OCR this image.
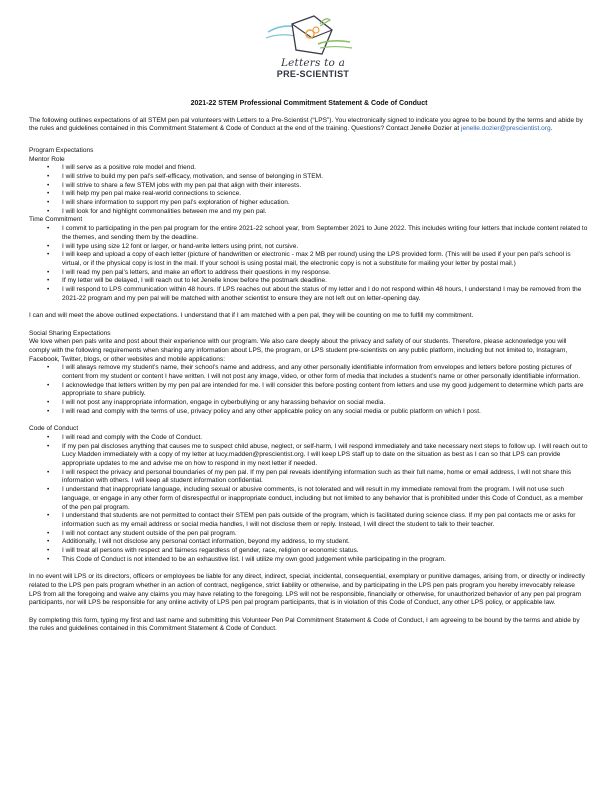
Letters to a
PRE-SCIENTIST
2021-22 STEM Professional Commitment Statement & Code of Conduct

The following outlines expectations of all STEM pen pal volunteers with Letters to a Pre-Scientist (“LPS”). You electronically signed to indicate you agree to be bound by the terms and abide by the rules and guidelines contained in this Commitment Statement & Code of Conduct at the end of the training. Questions? Contact Jenelle Dozier at jenelle.dozier@prescientist.org.

Program Expectations

Mentor Role

• I will serve as a positive role model and friend.
• I will strive to build my pen pal’s self-efficacy, motivation, and sense of belonging in STEM.
• I will strive to share a few STEM jobs with my pen pal that align with their interests.
• I will help my pen pal make real-world connections to science.
• I will share information to support my pen pal’s exploration of higher education.
• I will look for and highlight commonalities between me and my pen pal.

Time Commitment

• I commit to participating in the pen pal program for the entire 2021-22 school year, from September 2021 to June 2022. This includes writing four letters that include content related to the themes, and sending them by the deadline.
• I will type using size 12 font or larger, or hand-write letters using print, not cursive.
• I will keep and upload a copy of each letter (picture of handwritten or electronic - max 2 MB per round) using the LPS provided form. (This will be used if your pen pal’s school is virtual, or if the physical copy is lost in the mail. If your school is using postal mail, the electronic copy is not a substitute for mailing your letter by postal mail.)
• I will read my pen pal’s letters, and make an effort to address their questions in my response.
• If my letter will be delayed, I will reach out to let Jenelle know before the postmark deadline.
• I will respond to LPS communication within 48 hours. If LPS reaches out about the status of my letter and I do not respond within 48 hours, I understand I may be removed from the 2021-22 program and my pen pal will be matched with another scientist to ensure they are not left out on letter-opening day.

I can and will meet the above outlined expectations. I understand that if I am matched with a pen pal, they will be counting on me to fulfill my commitment.

Social Sharing Expectations

We love when pen pals write and post about their experience with our program. We also care deeply about the privacy and safety of our students. Therefore, please acknowledge you will comply with the following requirements when sharing any information about LPS, the program, or LPS student pre-scientists on any public platform, including but not limited to, Instagram, Facebook, Twitter, blogs, or other websites and mobile applications:

• I will always remove my student’s name, their school’s name and address, and any other personally identifiable information from envelopes and letters before posting pictures of content from my student or content I have written. I will not post any image, video, or other form of media that includes a student’s name or other personally identifiable information.
• I acknowledge that letters written by my pen pal are intended for me. I will consider this before posting content from letters and use my good judgement to determine which parts are appropriate to share publicly.
• I will not post any inappropriate information, engage in cyberbullying or any harassing behavior on social media.
• I will read and comply with the terms of use, privacy policy and any other applicable policy on any social media or public platform on which I post.

Code of Conduct

• I will read and comply with the Code of Conduct.
• If my pen pal discloses anything that causes me to suspect child abuse, neglect, or self-harm, I will respond immediately and take necessary next steps to follow up. I will reach out to Lucy Madden immediately with a copy of my letter at lucy.madden@prescientist.org. I will keep LPS staff up to date on the situation as best as I can so that LPS can provide appropriate updates to me and advise me on how to respond in my next letter if needed.
• I will respect the privacy and personal boundaries of my pen pal. If my pen pal reveals identifying information such as their full name, home or email address, I will not share this information with others. I will keep all student information confidential.
• I understand that inappropriate language, including sexual or abusive comments, is not tolerated and will result in my immediate removal from the program. I will not use such language, or engage in any other form of disrespectful or inappropriate conduct, including but not limited to any behavior that is prohibited under this Code of Conduct, as a member of the pen pal program.
• I understand that students are not permitted to contact their STEM pen pals outside of the program, which is facilitated during science class. If my pen pal contacts me or asks for information such as my email address or social media handles, I will not disclose them or reply. Instead, I will direct the student to talk to their teacher.
• I will not contact any student outside of the pen pal program.
• Additionally, I will not disclose any personal contact information, beyond my address, to my student.
• I will treat all persons with respect and fairness regardless of gender, race, religion or economic status.
• This Code of Conduct is not intended to be an exhaustive list. I will utilize my own good judgement while participating in the program.

In no event will LPS or its directors, officers or employees be liable for any direct, indirect, special, incidental, consequential, exemplary or punitive damages, arising from, or directly or indirectly related to the LPS pen pals program whether in an action of contract, negligence, strict liability or otherwise, and by participating in the LPS pen pals program you hereby irrevocably release LPS from all the foregoing and waive any claims you may have relating to the foregoing. LPS will not be responsible, financially or otherwise, for unauthorized behavior of any pen pal program participants, nor will LPS be responsible for any online activity of LPS pen pal program participants, that is in violation of this Code of Conduct, any other LPS policy, or applicable law.

By completing this form, typing my first and last name and submitting this Volunteer Pen Pal Commitment Statement & Code of Conduct, I am agreeing to be bound by the terms and abide by the rules and guidelines contained in this Commitment Statement & Code of Conduct.
